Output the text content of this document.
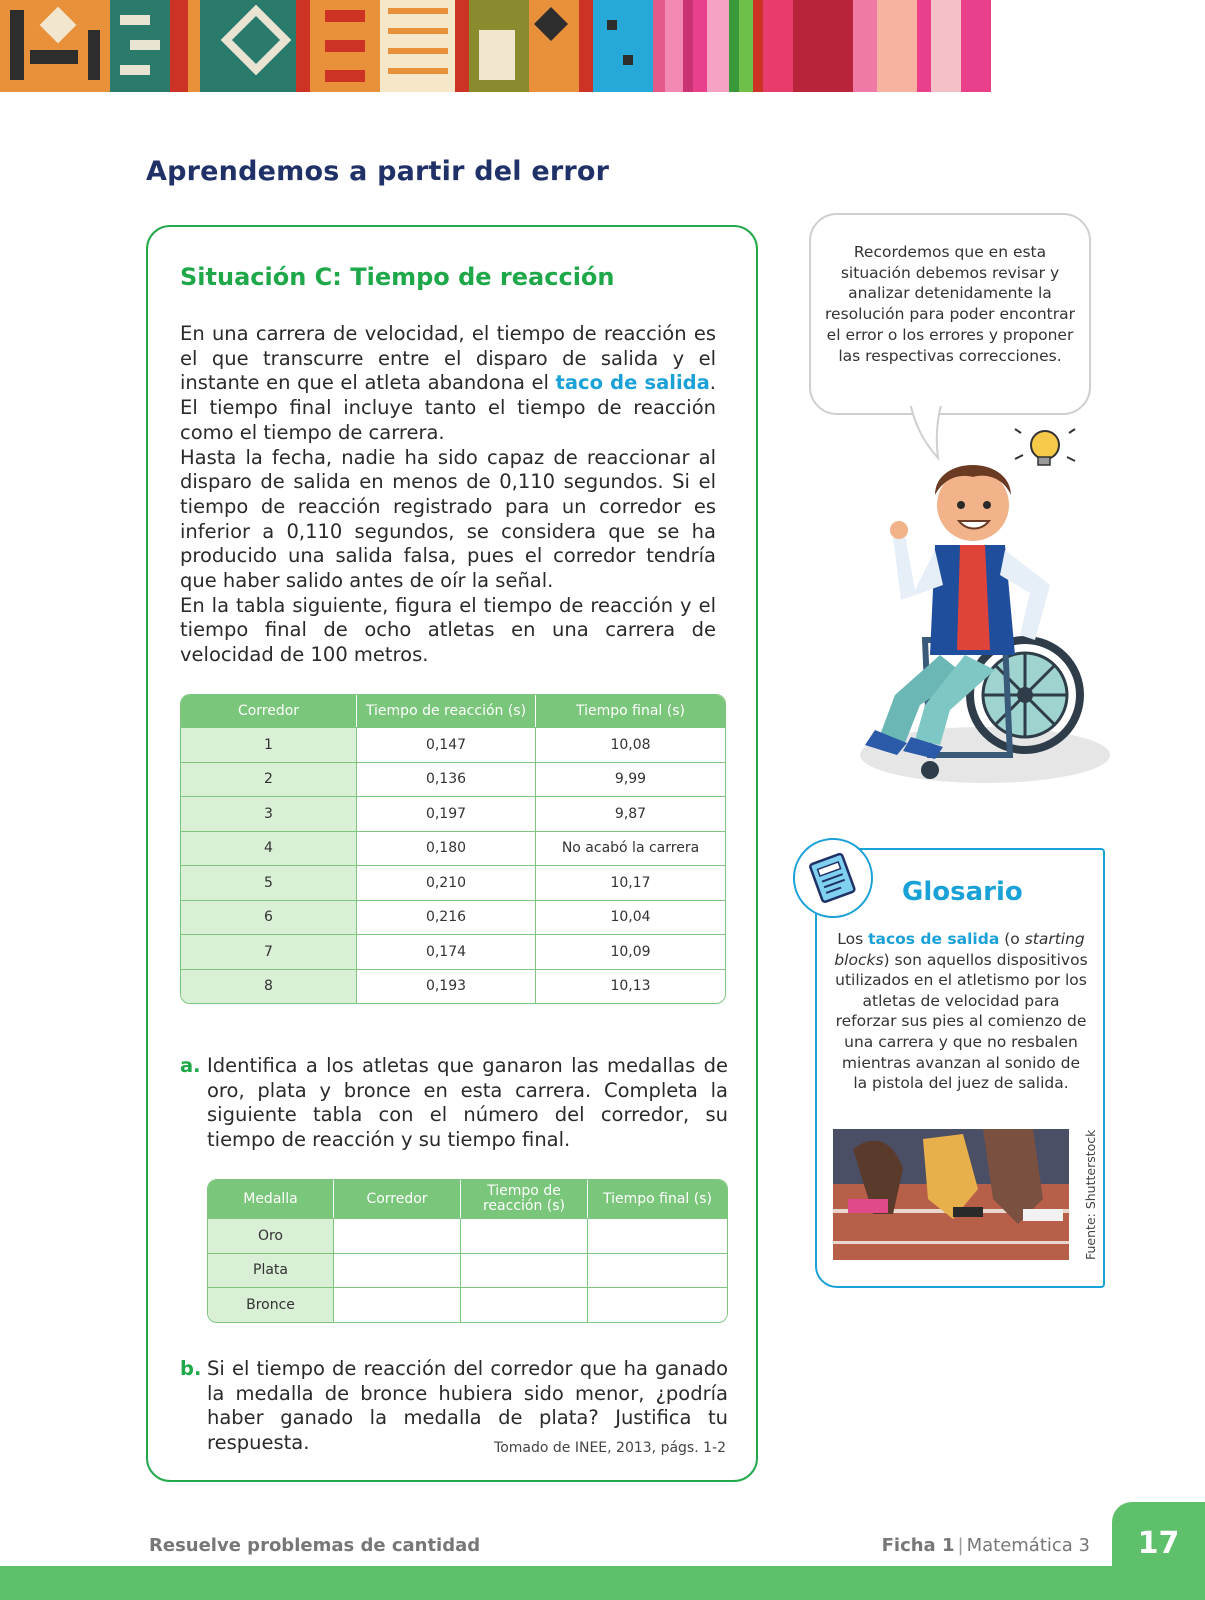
Aprendemos a partir del error
Situación C: Tiempo de reacción

En una carrera de velocidad, el tiempo de reacción es el que transcurre entre el disparo de salida y el instante en que el atleta abandona el taco de salida. El tiempo final incluye tanto el tiempo de reacción como el tiempo de carrera.

Hasta la fecha, nadie ha sido capaz de reaccionar al disparo de salida en menos de 0,110 segundos. Si el tiempo de reacción registrado para un corredor es inferior a 0,110 segundos, se considera que se ha producido una salida falsa, pues el corredor tendría que haber salido antes de oír la señal.

En la tabla siguiente, figura el tiempo de reacción y el tiempo final de ocho atletas en una carrera de velocidad de 100 metros.

Corredor	Tiempo de reacción (s)	Tiempo final (s)
1	0,147	10,08
2	0,136	9,99
3	0,197	9,87
4	0,180	No acabó la carrera
5	0,210	10,17
6	0,216	10,04
7	0,174	10,09
8	0,193	10,13
a. Identifica a los atletas que ganaron las medallas de oro, plata y bronce en esta carrera. Completa la siguiente tabla con el número del corredor, su tiempo de reacción y su tiempo final.
Medalla	Corredor	Tiempo de reacción (s)	Tiempo final (s)
Oro			
Plata			
Bronce			
b. Si el tiempo de reacción del corredor que ha ganado la medalla de bronce hubiera sido menor, ¿podría haber ganado la medalla de plata? Justifica tu respuesta.	Tomado de INEE, 2013, págs. 1-2
Recordemos que en esta situación debemos revisar y analizar detenidamente la resolución para poder encontrar el error o los errores y proponer las respectivas correcciones.
Glosario
Los tacos de salida (o starting blocks) son aquellos dispositivos utilizados en el atletismo por los atletas de velocidad para reforzar sus pies al comienzo de una carrera y que no resbalen mientras avanzan al sonido de la pistola del juez de salida.
Fuente: Shutterstock
Resuelve problemas de cantidad	Ficha 1 | Matemática 3	17
